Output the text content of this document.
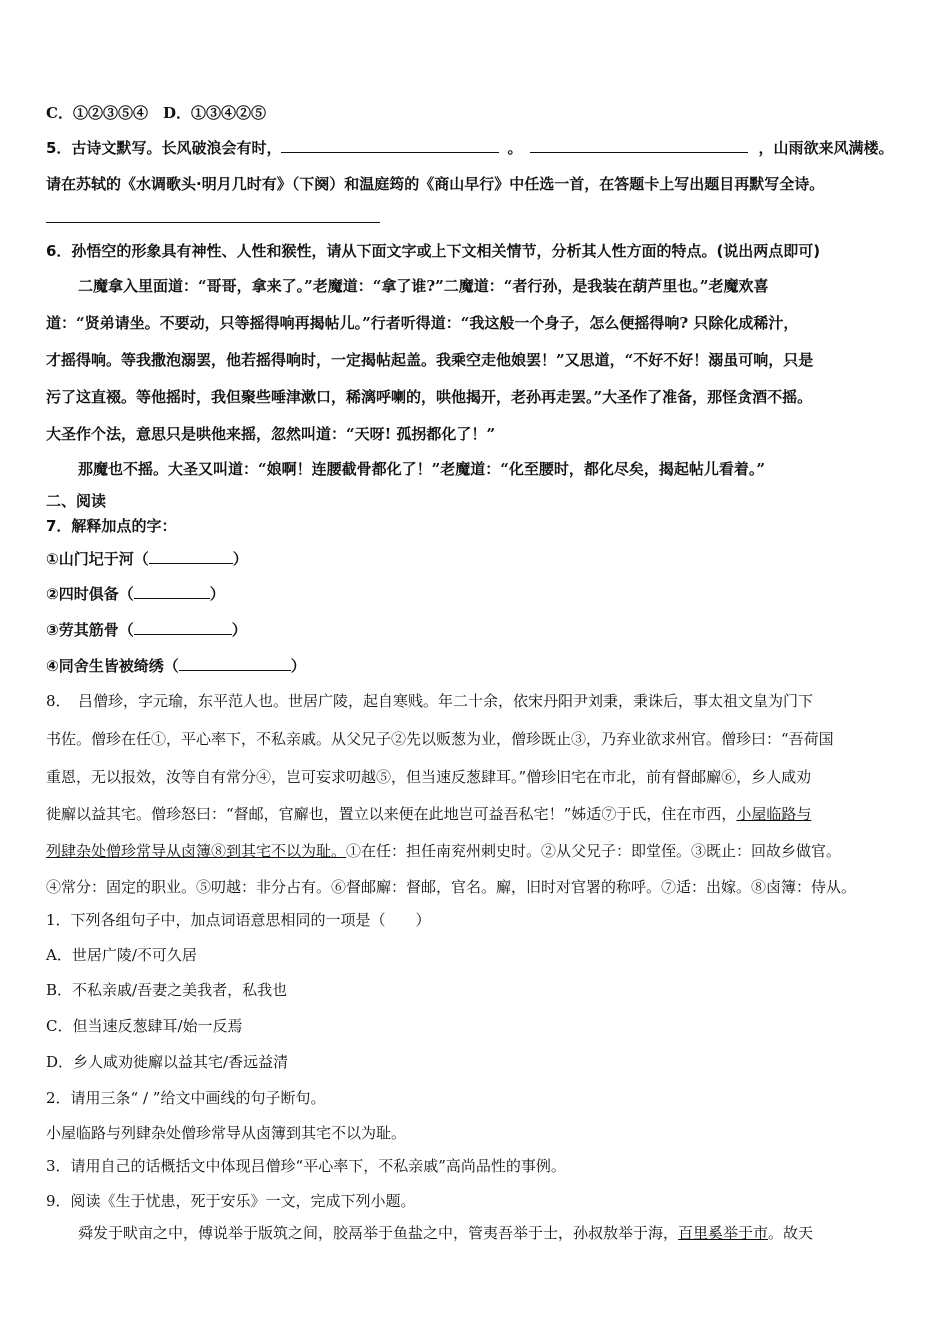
C．①②③⑤④　D．①③④②⑤
5．古诗文默写。长风破浪会有时，	。	，山雨欲来风满楼。
请在苏轼的《水调歌头·明月几时有》（下阕）和温庭筠的《商山早行》中任选一首，在答题卡上写出题目再默写全诗。
6．孙悟空的形象具有神性、人性和猴性，请从下面文字或上下文相关情节，分析其人性方面的特点。(说出两点即可)
二魔拿入里面道：“哥哥，拿来了。”老魔道：“拿了谁?”二魔道：“者行孙，是我装在葫芦里也。”老魔欢喜
道：“贤弟请坐。不要动，只等摇得响再揭帖儿。”行者听得道：“我这般一个身子，怎么便摇得响? 只除化成稀汁，
才摇得响。等我撒泡溺罢，他若摇得响时，一定揭帖起盖。我乘空走他娘罢！”又思道，“不好不好！溺虽可响，只是
污了这直裰。等他摇时，我但聚些唾津漱口，稀漓呼喇的，哄他揭开，老孙再走罢。”大圣作了准备，那怪贪酒不摇。
大圣作个法，意思只是哄他来摇，忽然叫道：“天呀! 孤拐都化了！”
那魔也不摇。大圣又叫道：“娘啊！连腰截骨都化了！”老魔道：“化至腰时，都化尽矣，揭起帖儿看着。”
二、阅读
7．解释加点的字：
①山门圮于河（	）
②四时俱备（	）
③劳其筋骨（	）
④同舍生皆被绮绣（	）
8．　吕僧珍，字元瑜，东平范人也。世居广陵，起自寒贱。年二十余，依宋丹阳尹刘秉，秉诛后，事太祖文皇为门下
书佐。僧珍在任①，平心率下，不私亲戚。从父兄子②先以贩葱为业，僧珍既止③，乃弃业欲求州官。僧珍曰：“吾荷国
重恩，无以报效，汝等自有常分④，岂可妄求叨越⑤，但当速反葱肆耳。”僧珍旧宅在市北，前有督邮廨⑥，乡人咸劝
徙廨以益其宅。僧珍怒曰：“督邮，官廨也，置立以来便在此地岂可益吾私宅！”姊适⑦于氏，住在市西，小屋临路与
列肆杂处僧珍常导从卤簿⑧到其宅不以为耻。①在任：担任南兖州刺史时。②从父兄子：即堂侄。③既止：回故乡做官。
④常分：固定的职业。⑤叨越：非分占有。⑥督邮廨：督邮，官名。廨，旧时对官署的称呼。⑦适：出嫁。⑧卤簿：侍从。
1．下列各组句子中，加点词语意思相同的一项是（　　）
A．世居广陵/不可久居
B．不私亲戚/吾妻之美我者，私我也
C．但当速反葱肆耳/始一反焉
D．乡人咸劝徙廨以益其宅/香远益清
2．请用三条“ / ”给文中画线的句子断句。
小屋临路与列肆杂处僧珍常导从卤簿到其宅不以为耻。
3．请用自己的话概括文中体现吕僧珍“平心率下，不私亲戚”高尚品性的事例。
9．阅读《生于忧患，死于安乐》一文，完成下列小题。
舜发于畎亩之中，傅说举于版筑之间，胶鬲举于鱼盐之中，管夷吾举于士，孙叔敖举于海，百里奚举于市。故天
